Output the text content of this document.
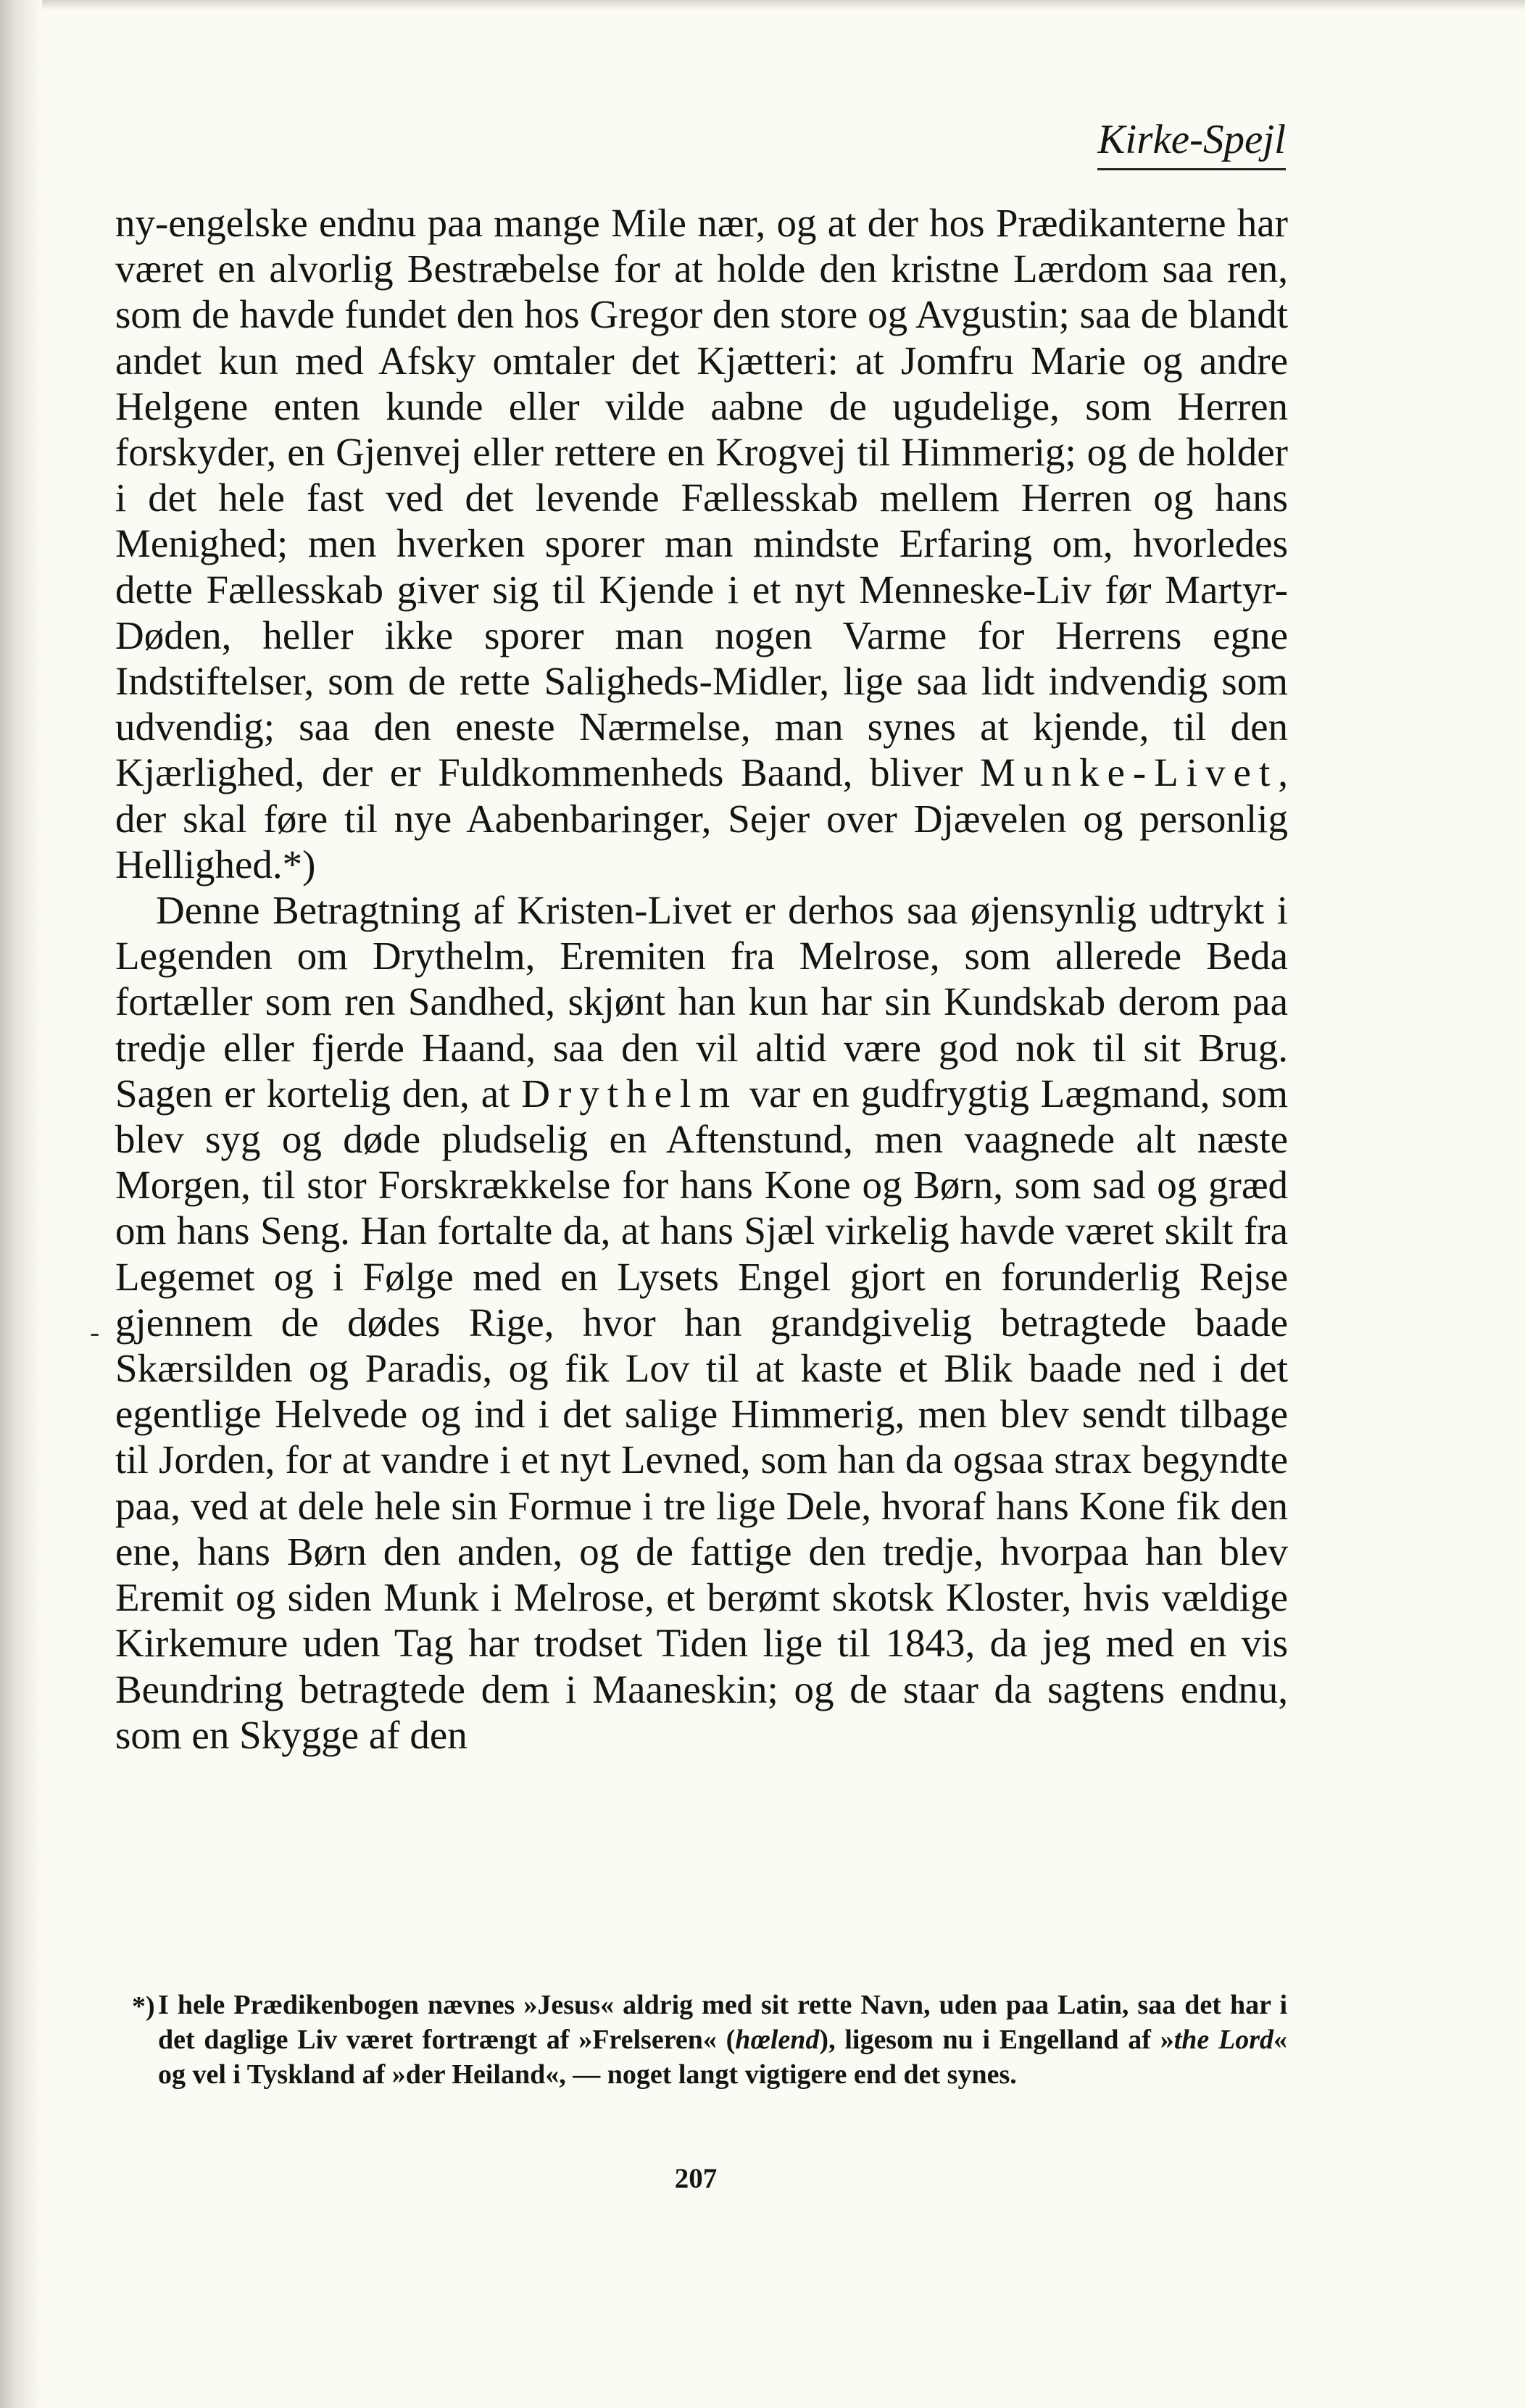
Kirke-Spejl

ny-engelske endnu paa mange Mile nær, og at der hos Prædikanterne har været en alvorlig Bestræbelse for at holde den kristne Lærdom saa ren, som de havde fundet den hos Gregor den store og Avgustin; saa de blandt andet kun med Afsky omtaler det Kjætteri: at Jomfru Marie og andre Helgene enten kunde eller vilde aabne de ugudelige, som Herren forskyder, en Gjenvej eller rettere en Krogvej til Himmerig; og de holder i det hele fast ved det levende Fællesskab mellem Herren og hans Menighed; men hverken sporer man mindste Erfaring om, hvorledes dette Fællesskab giver sig til Kjende i et nyt Menneske-Liv før Martyr-Døden, heller ikke sporer man nogen Varme for Herrens egne Indstiftelser, som de rette Saligheds-Midler, lige saa lidt indvendig som udvendig; saa den eneste Nærmelse, man synes at kjende, til den Kjærlighed, der er Fuldkommenheds Baand, bliver Munke-Livet, der skal føre til nye Aabenbaringer, Sejer over Djævelen og personlig Hellighed.*)

Denne Betragtning af Kristen-Livet er derhos saa øjensynlig udtrykt i Legenden om Drythelm, Eremiten fra Melrose, som allerede Beda fortæller som ren Sandhed, skjønt han kun har sin Kundskab derom paa tredje eller fjerde Haand, saa den vil altid være god nok til sit Brug. Sagen er kortelig den, at Drythelm var en gudfrygtig Lægmand, som blev syg og døde pludselig en Aftenstund, men vaagnede alt næste Morgen, til stor Forskrækkelse for hans Kone og Børn, som sad og græd om hans Seng. Han fortalte da, at hans Sjæl virkelig havde været skilt fra Legemet og i Følge med en Lysets Engel gjort en forunderlig Rejse gjennem de dødes Rige, hvor han grandgivelig betragtede baade Skærsilden og Paradis, og fik Lov til at kaste et Blik baade ned i det egentlige Helvede og ind i det salige Himmerig, men blev sendt tilbage til Jorden, for at vandre i et nyt Levned, som han da ogsaa strax begyndte paa, ved at dele hele sin Formue i tre lige Dele, hvoraf hans Kone fik den ene, hans Børn den anden, og de fattige den tredje, hvorpaa han blev Eremit og siden Munk i Melrose, et berømt skotsk Kloster, hvis vældige Kirkemure uden Tag har trodset Tiden lige til 1843, da jeg med en vis Beundring betragtede dem i Maaneskin; og de staar da sagtens endnu, som en Skygge af den

-
*) I hele Prædikenbogen nævnes »Jesus« aldrig med sit rette Navn, uden paa Latin, saa det har i det daglige Liv været fortrængt af »Frelseren« (hœlend), ligesom nu i Engelland af »the Lord« og vel i Tyskland af »der Heiland«, — noget langt vigtigere end det synes.
207
